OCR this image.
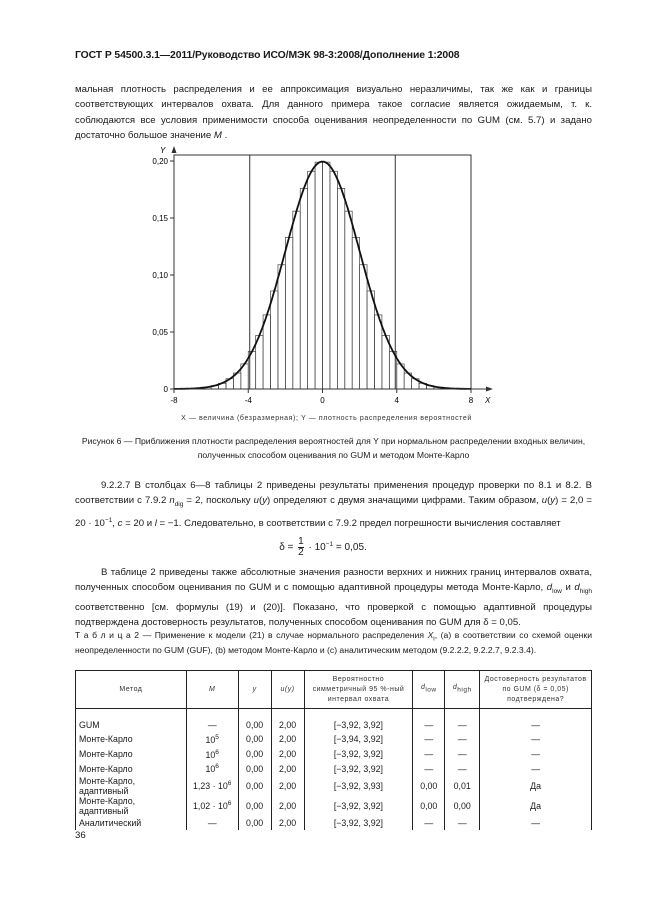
ГОСТ Р 54500.3.1—2011/Руководство ИСО/МЭК 98-3:2008/Дополнение 1:2008
мальная плотность распределения и ее аппроксимация визуально неразличимы, так же как и границы соответствующих интервалов охвата. Для данного примера такое согласие является ожидаемым, т. к. соблюдаются все условия применимости способа оценивания неопределенности по GUM (см. 5.7) и задано достаточно большое значение M .
-8	-4	0	4	8
0
0,05
0,10
0,15
0,20
X
Y
X — величина (безразмерная); Y — плотность распределения вероятностей
Рисунок 6 — Приближения плотности распределения вероятностей для Y при нормальном распределении входных величин, полученных способом оценивания по GUM и методом Монте-Карло
9.2.2.7 В столбцах 6—8 таблицы 2 приведены результаты применения процедур проверки по 8.1 и 8.2. В соответствии с 7.9.2 $n_{dig} = 2$, поскольку u(y) определяют с двумя значащими цифрами. Таким образом, $u(y) = 2,0 = 20 \cdot 10^{-1}$, c = 20 и l = −1. Следовательно, в соответствии с 7.9.2 предел погрешности вычисления составляет
$\delta = \frac{1}{2} \cdot 10^{-1} = 0,05$.
В таблице 2 приведены также абсолютные значения разности верхних и нижних границ интервалов охвата, полученных способом оценивания по GUM и с помощью адаптивной процедуры метода Монте-Карло, $d_{low}$ и $d_{high}$ соответственно [см. формулы (19) и (20)]. Показано, что проверкой с помощью адаптивной процедуры подтверждена достоверность результатов, полученных способом оценивания по GUM для δ = 0,05.
Т а б л и ц а 2 — Применение к модели (21) в случае нормального распределения $X_i$, (a) в соответствии со схемой оценки неопределенности по GUM (GUF), (b) методом Монте-Карло и (c) аналитическим методом (9.2.2.2, 9.2.2.7, 9.2.3.4).
Метод	M	y	u(y)	Вероятностно симметричный 95 %-ный интервал охвата	$d_{low}$	$d_{high}$	Достоверность результатов по GUM (δ = 0,05) подтверждена?

GUM	—	0,00	2,00	[−3,92, 3,92]	—	—	—
Монте-Карло	$10^5$	0,00	2,00	[−3,94, 3,92]	—	—	—
Монте-Карло	$10^6$	0,00	2,00	[−3,92, 3,92]	—	—	—
Монте-Карло	$10^6$	0,00	2,00	[−3,92, 3,92]	—	—	—
Монте-Карло, адаптивный	$1,23 \cdot 10^6$	0,00	2,00	[−3,92, 3,93]	0,00	0,01	Да
Монте-Карло, адаптивный	$1,02 \cdot 10^6$	0,00	2,00	[−3,92, 3,92]	0,00	0,00	Да
Аналитический	—	0,00	2,00	[−3,92, 3,92]	—	—	—
36
